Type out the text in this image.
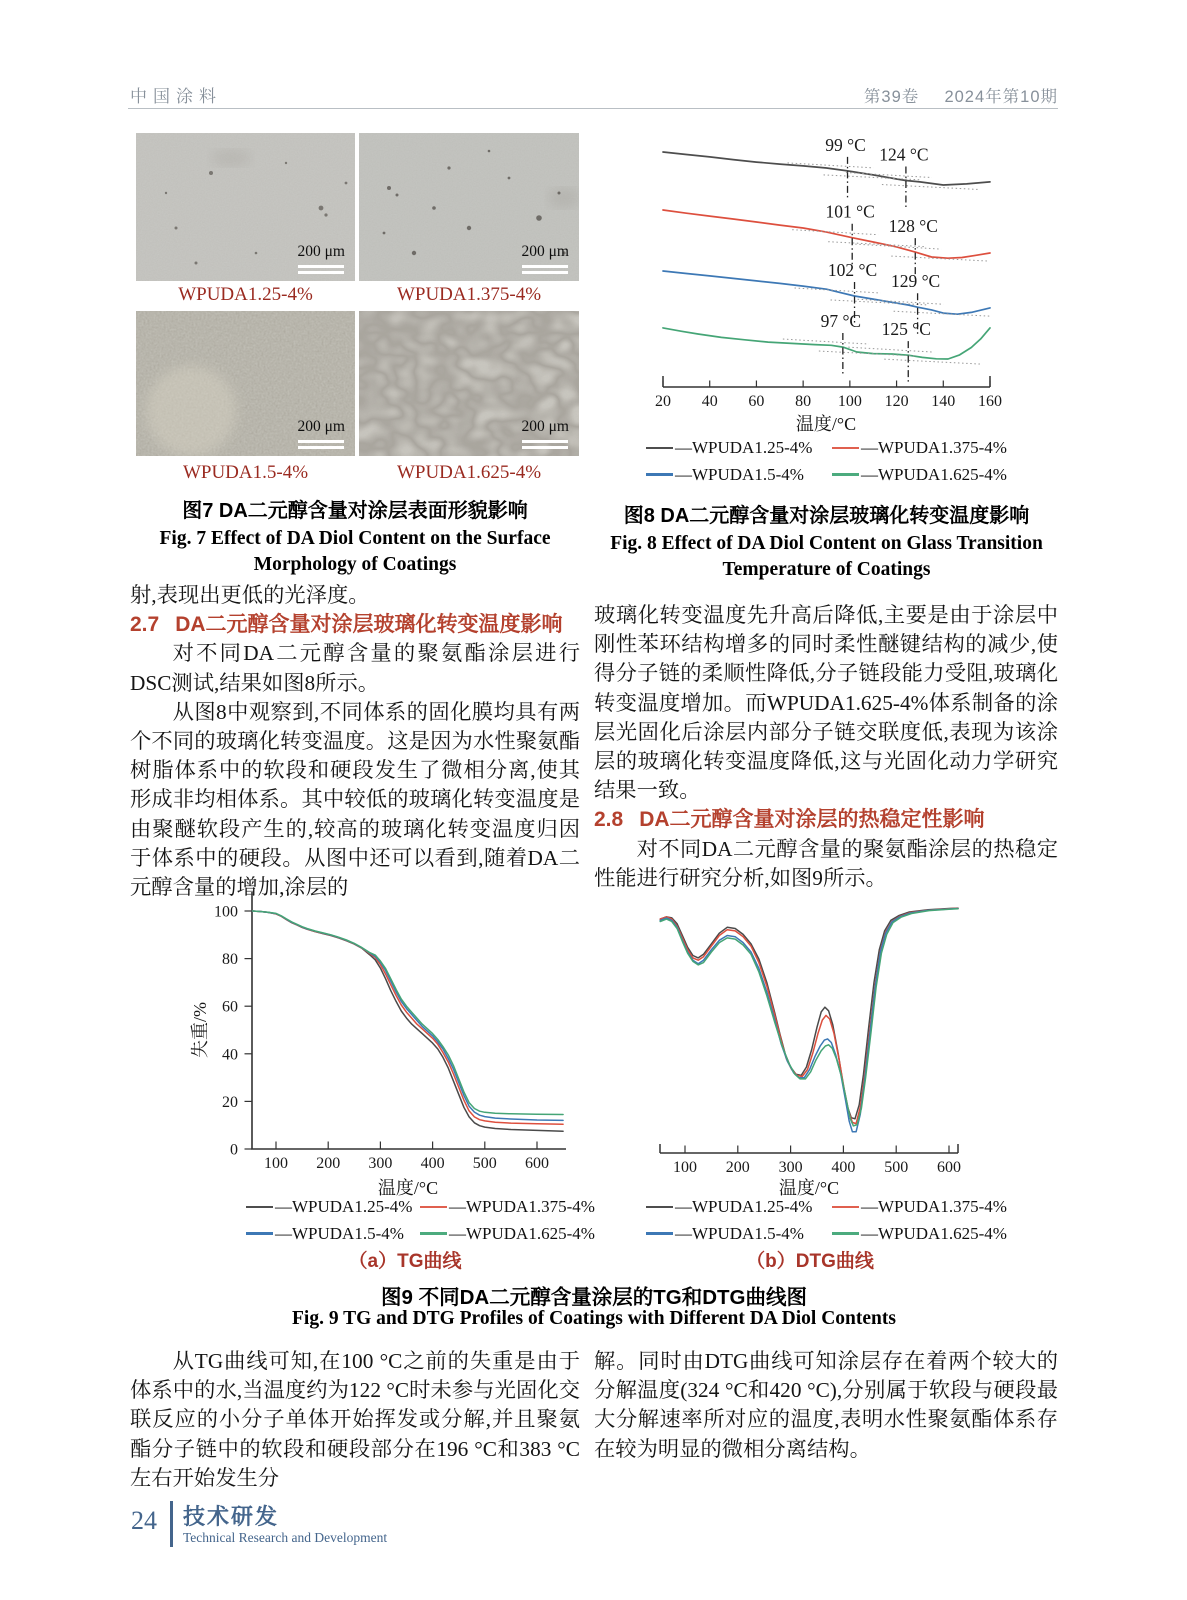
中国涂料	第39卷 2024年第10期
200 μm	200 μm
WPUDA1.25-4%	WPUDA1.375-4%
200 μm	200 μm
WPUDA1.5-4%	WPUDA1.625-4%
图7 DA二元醇含量对涂层表面形貌影响
Fig. 7 Effect of DA Diol Content on the Surface
Morphology of Coatings
20 40 60 80 100 120 140 160
99 °C 124 °C
101 °C
128 °C
102 °C
129 °C
97 °C 125 °C
温度/°C
—WPUDA1.25-4%	—WPUDA1.375-4%
—WPUDA1.5-4%	—WPUDA1.625-4%
图8 DA二元醇含量对涂层玻璃化转变温度影响
Fig. 8 Effect of DA Diol Content on Glass Transition
Temperature of Coatings

射,表现出更低的光泽度。

2.7 DA二元醇含量对涂层玻璃化转变温度影响

对不同DA二元醇含量的聚氨酯涂层进行DSC测试,结果如图8所示。

从图8中观察到,不同体系的固化膜均具有两个不同的玻璃化转变温度。这是因为水性聚氨酯树脂体系中的软段和硬段发生了微相分离,使其形成非均相体系。其中较低的玻璃化转变温度是由聚醚软段产生的,较高的玻璃化转变温度归因于体系中的硬段。从图中还可以看到,随着DA二元醇含量的增加,涂层的

玻璃化转变温度先升高后降低,主要是由于涂层中刚性苯环结构增多的同时柔性醚键结构的减少,使得分子链的柔顺性降低,分子链段能力受阻,玻璃化转变温度增加。而WPUDA1.625-4%体系制备的涂层光固化后涂层内部分子链交联度低,表现为该涂层的玻璃化转变温度降低,这与光固化动力学研究结果一致。

2.8 DA二元醇含量对涂层的热稳定性影响

对不同DA二元醇含量的聚氨酯涂层的热稳定性能进行研究分析,如图9所示。

0
20
40
60
80
100
100 200 300 400 500 600
失重/%
温度/°C
—WPUDA1.25-4% —WPUDA1.375-4%
—WPUDA1.5-4%	—WPUDA1.625-4%
100 200 300 400 500 600
温度/°C
—WPUDA1.25-4%	—WPUDA1.375-4%
—WPUDA1.5-4%	—WPUDA1.625-4%
（a）TG曲线	（b）DTG曲线
图9 不同DA二元醇含量涂层的TG和DTG曲线图
Fig. 9 TG and DTG Profiles of Coatings with Different DA Diol Contents

从TG曲线可知,在100 °C之前的失重是由于体系中的水,当温度约为122 °C时未参与光固化交联反应的小分子单体开始挥发或分解,并且聚氨酯分子链中的软段和硬段部分在196 °C和383 °C左右开始发生分

解。同时由DTG曲线可知涂层存在着两个较大的分解温度(324 °C和420 °C),分别属于软段与硬段最大分解速率所对应的温度,表明水性聚氨酯体系存在较为明显的微相分离结构。

24 技术研发
Technical Research and Development
